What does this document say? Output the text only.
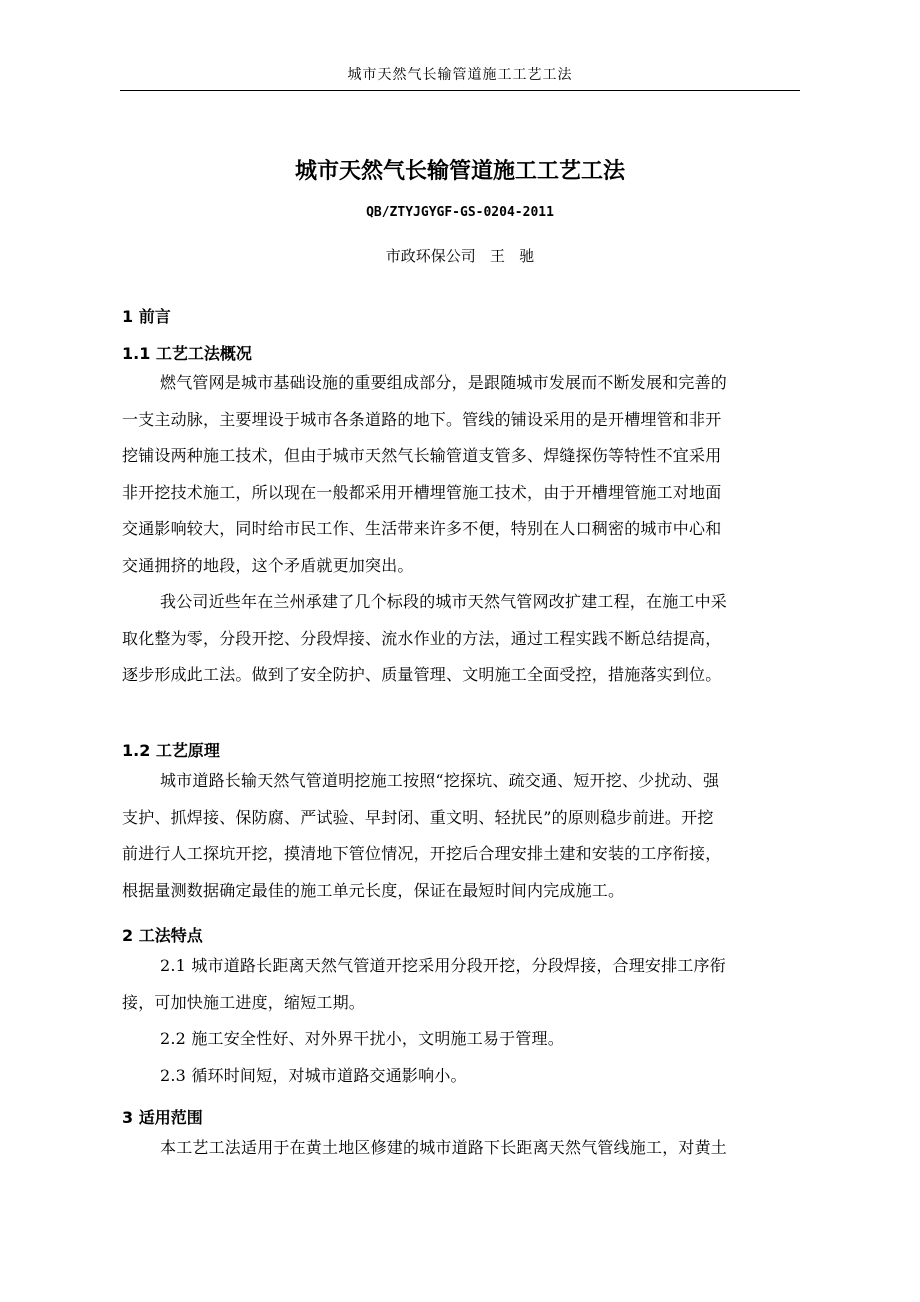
城市天然气长输管道施工工艺工法
城市天然气长输管道施工工艺工法
QB/ZTYJGYGF-GS-0204-2011
市政环保公司   王   驰
1 前言
1.1 工艺工法概况
燃气管网是城市基础设施的重要组成部分，是跟随城市发展而不断发展和完善的
一支主动脉，主要埋设于城市各条道路的地下。管线的铺设采用的是开槽埋管和非开
挖铺设两种施工技术，但由于城市天然气长输管道支管多、焊缝探伤等特性不宜采用
非开挖技术施工，所以现在一般都采用开槽埋管施工技术，由于开槽埋管施工对地面
交通影响较大，同时给市民工作、生活带来许多不便，特别在人口稠密的城市中心和
交通拥挤的地段，这个矛盾就更加突出。
我公司近些年在兰州承建了几个标段的城市天然气管网改扩建工程，在施工中采
取化整为零，分段开挖、分段焊接、流水作业的方法，通过工程实践不断总结提高，
逐步形成此工法。做到了安全防护、质量管理、文明施工全面受控，措施落实到位。
1.2 工艺原理
城市道路长输天然气管道明挖施工按照“挖探坑、疏交通、短开挖、少扰动、强
支护、抓焊接、保防腐、严试验、早封闭、重文明、轻扰民”的原则稳步前进。开挖
前进行人工探坑开挖，摸清地下管位情况，开挖后合理安排土建和安装的工序衔接，
根据量测数据确定最佳的施工单元长度，保证在最短时间内完成施工。
2 工法特点
2.1 城市道路长距离天然气管道开挖采用分段开挖，分段焊接，合理安排工序衔
接，可加快施工进度，缩短工期。
2.2 施工安全性好、对外界干扰小，文明施工易于管理。
2.3 循环时间短，对城市道路交通影响小。
3 适用范围
本工艺工法适用于在黄土地区修建的城市道路下长距离天然气管线施工，对黄土
